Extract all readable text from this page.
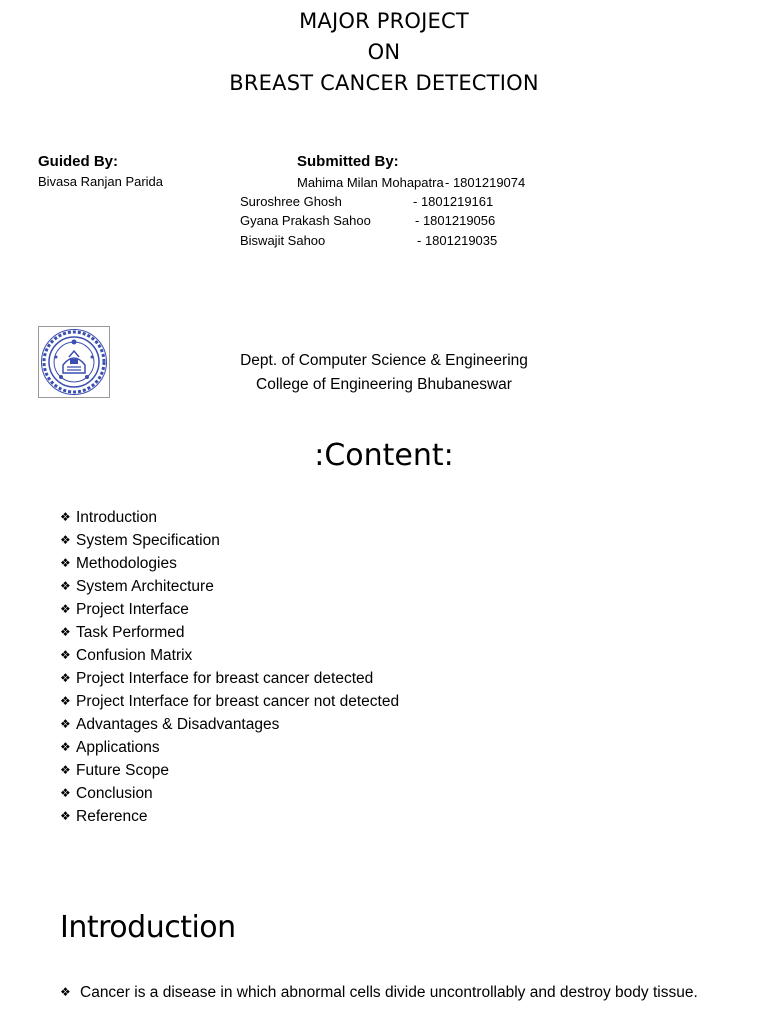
MAJOR PROJECT
ON
BREAST CANCER DETECTION
Guided By:
Bivasa Ranjan Parida
Submitted By:
Mahima Milan Mohapatra - 1801219074
Suroshree Ghosh	- 1801219161
Gyana Prakash Sahoo	- 1801219056
Biswajit Sahoo	- 1801219035
Dept. of Computer Science & Engineering
College of Engineering Bhubaneswar
:Content:
❖ Introduction
❖ System Specification
❖ Methodologies
❖ System Architecture
❖ Project Interface
❖ Task Performed
❖ Confusion Matrix
❖ Project Interface for breast cancer detected
❖ Project Interface for breast cancer not detected
❖ Advantages & Disadvantages
❖ Applications
❖ Future Scope
❖ Conclusion
❖ Reference
Introduction
❖ Cancer is a disease in which abnormal cells divide uncontrollably and destroy body tissue.
